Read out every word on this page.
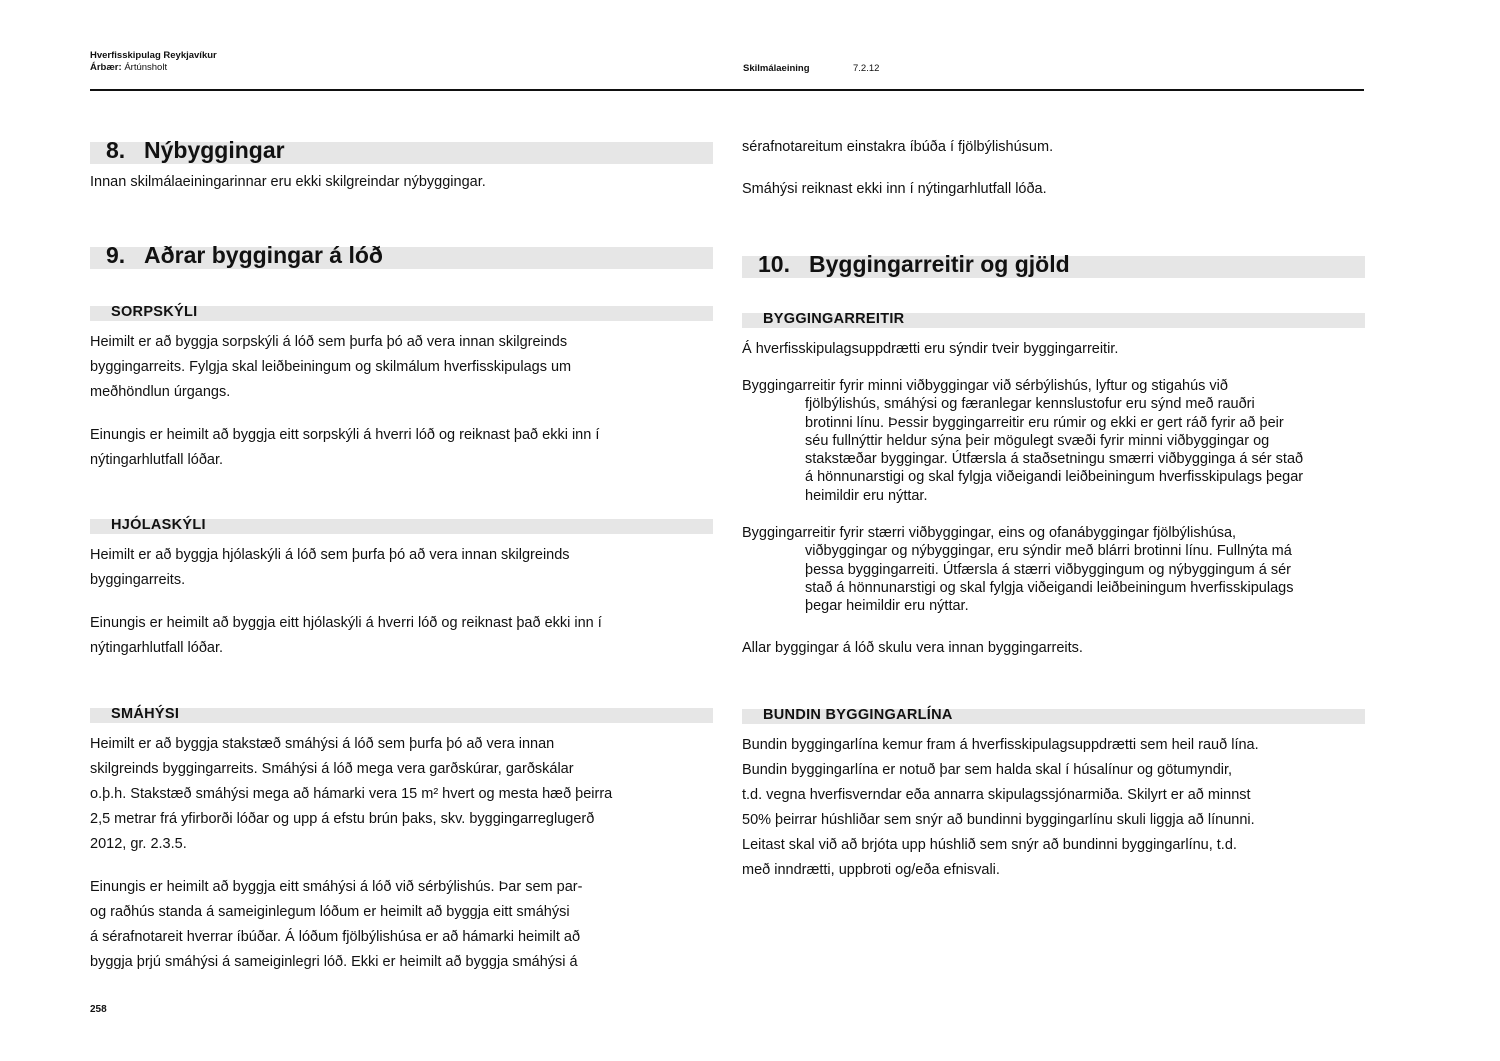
Hverfisskipulag Reykjavíkur
Árbær: Ártúnsholt	Skilmálaeining	7.2.12
8. Nýbyggingar
Innan skilmálaeiningarinnar eru ekki skilgreindar nýbyggingar.
9. Aðrar byggingar á lóð
SORPSKÝLI
Heimilt er að byggja sorpskýli á lóð sem þurfa þó að vera innan skilgreinds
byggingarreits. Fylgja skal leiðbeiningum og skilmálum hverfisskipulags um
meðhöndlun úrgangs.
Einungis er heimilt að byggja eitt sorpskýli á hverri lóð og reiknast það ekki inn í
nýtingarhlutfall lóðar.
HJÓLASKÝLI
Heimilt er að byggja hjólaskýli á lóð sem þurfa þó að vera innan skilgreinds
byggingarreits.
Einungis er heimilt að byggja eitt hjólaskýli á hverri lóð og reiknast það ekki inn í
nýtingarhlutfall lóðar.
SMÁHÝSI
Heimilt er að byggja stakstæð smáhýsi á lóð sem þurfa þó að vera innan
skilgreinds byggingarreits. Smáhýsi á lóð mega vera garðskúrar, garðskálar
o.þ.h. Stakstæð smáhýsi mega að hámarki vera 15 m² hvert og mesta hæð þeirra
2,5 metrar frá yfirborði lóðar og upp á efstu brún þaks, skv. byggingarreglugerð
2012, gr. 2.3.5.
Einungis er heimilt að byggja eitt smáhýsi á lóð við sérbýlishús. Þar sem par-
og raðhús standa á sameiginlegum lóðum er heimilt að byggja eitt smáhýsi
á sérafnotareit hverrar íbúðar. Á lóðum fjölbýlishúsa er að hámarki heimilt að
byggja þrjú smáhýsi á sameiginlegri lóð. Ekki er heimilt að byggja smáhýsi á
sérafnotareitum einstakra íbúða í fjölbýlishúsum.
Smáhýsi reiknast ekki inn í nýtingarhlutfall lóða.
10. Byggingarreitir og gjöld
BYGGINGARREITIR
Á hverfisskipulagsuppdrætti eru sýndir tveir byggingarreitir.
Byggingarreitir fyrir minni viðbyggingar við sérbýlishús, lyftur og stigahús við
fjölbýlishús, smáhýsi og færanlegar kennslustofur eru sýnd með rauðri
brotinni línu. Þessir byggingarreitir eru rúmir og ekki er gert ráð fyrir að þeir
séu fullnýttir heldur sýna þeir mögulegt svæði fyrir minni viðbyggingar og
stakstæðar byggingar. Útfærsla á staðsetningu smærri viðbygginga á sér stað
á hönnunarstigi og skal fylgja viðeigandi leiðbeiningum hverfisskipulags þegar
heimildir eru nýttar.
Byggingarreitir fyrir stærri viðbyggingar, eins og ofanábyggingar fjölbýlishúsa,
viðbyggingar og nýbyggingar, eru sýndir með blárri brotinni línu. Fullnýta má
þessa byggingarreiti. Útfærsla á stærri viðbyggingum og nýbyggingum á sér
stað á hönnunarstigi og skal fylgja viðeigandi leiðbeiningum hverfisskipulags
þegar heimildir eru nýttar.
Allar byggingar á lóð skulu vera innan byggingarreits.
BUNDIN BYGGINGARLÍNA
Bundin byggingarlína kemur fram á hverfisskipulagsuppdrætti sem heil rauð lína.
Bundin byggingarlína er notuð þar sem halda skal í húsalínur og götumyndir,
t.d. vegna hverfisverndar eða annarra skipulagssjónarmiða. Skilyrt er að minnst
50% þeirrar húshliðar sem snýr að bundinni byggingarlínu skuli liggja að línunni.
Leitast skal við að brjóta upp húshlið sem snýr að bundinni byggingarlínu, t.d.
með inndrætti, uppbroti og/eða efnisvali.
258
